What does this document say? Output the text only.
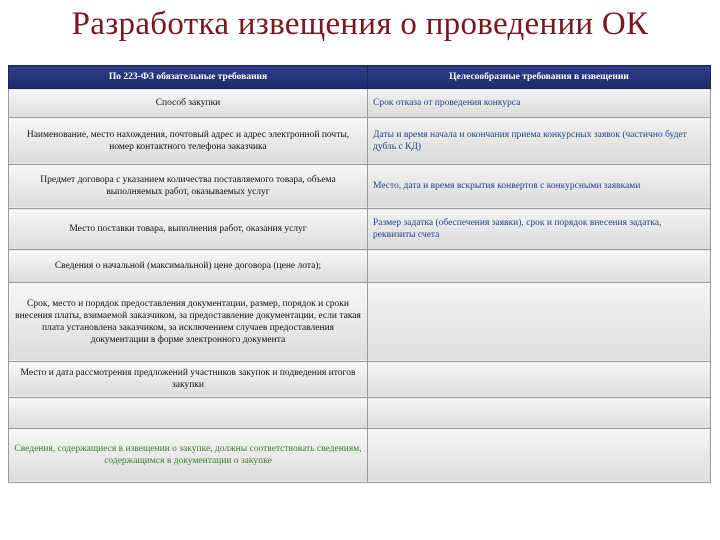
Разработка извещения о проведении ОК
По 223-ФЗ обязательные требования	Целесообразные требования в извещении
Способ закупки	Срок отказа от проведения конкурса
Наименование, место нахождения, почтовый адрес и адрес электронной почты, номер контактного телефона заказчика	Даты и время начала и окончания приема конкурсных заявок (частично будет дубль с КД)
Предмет договора с указанием количества поставляемого товара, объема выполняемых работ, оказываемых услуг	Место, дата и время вскрытия конвертов с конкурсными заявками
Место поставки товара, выполнения работ, оказания услуг	Размер задатка (обеспечения заявки), срок и порядок внесения задатка, реквизиты счета
Сведения о начальной (максимальной) цене договора (цене лота);	
Срок, место и порядок предоставления документации, размер, порядок и сроки внесения платы, взимаемой заказчиком, за предоставление документации, если такая плата установлена заказчиком, за исключением случаев предоставления документации в форме электронного документа	
Место и дата рассмотрения предложений участников закупок и подведения итогов закупки	

Сведения, содержащиеся в извещении о закупке, должны соответствовать сведениям, содержащимся в документации о закупке	
